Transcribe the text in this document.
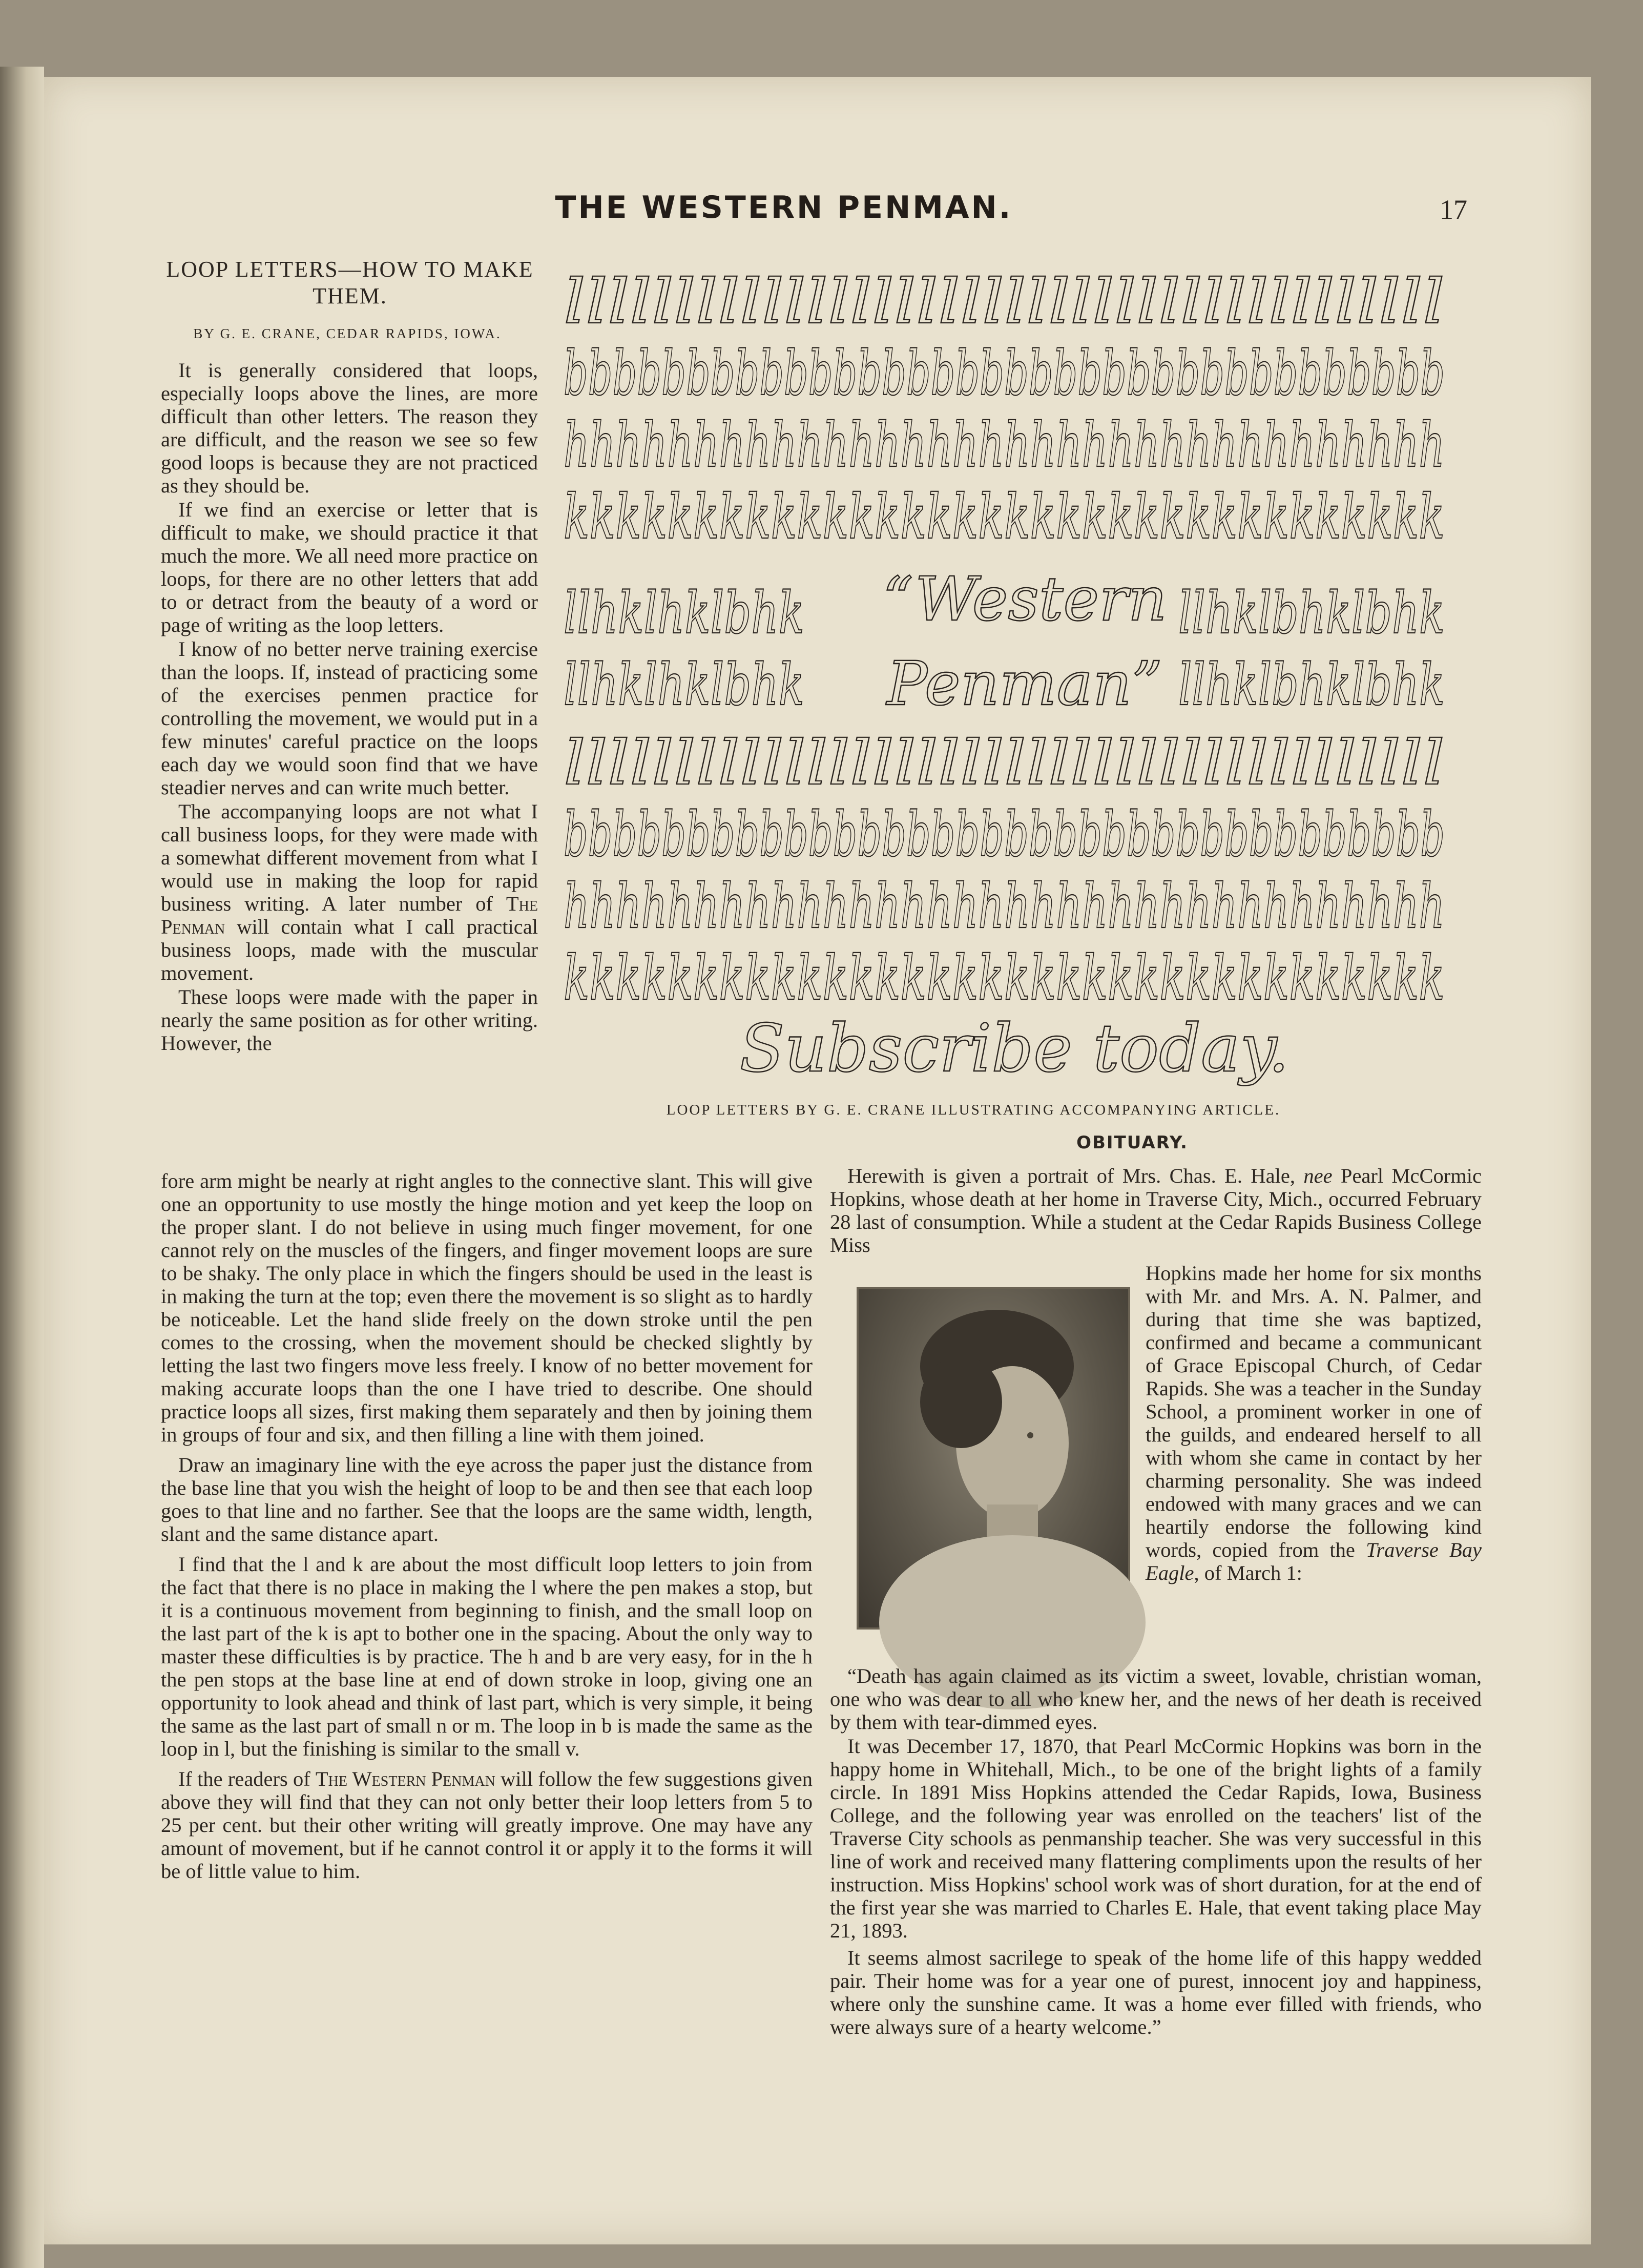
THE WESTERN PENMAN.	17
LOOP LETTERS—HOW TO MAKE THEM.
BY G. E. CRANE, CEDAR RAPIDS, IOWA.

It is generally considered that loops, especially loops above the lines, are more difficult than other letters. The reason they are difficult, and the reason we see so few good loops is because they are not practiced as they should be.

If we find an exercise or letter that is difficult to make, we should practice it that much the more. We all need more practice on loops, for there are no other letters that add to or detract from the beauty of a word or page of writing as the loop letters.

I know of no better nerve training exercise than the loops. If, instead of practicing some of the exercises penmen practice for controlling the movement, we would put in a few minutes' careful practice on the loops each day we would soon find that we have steadier nerves and can write much better.

The accompanying loops are not what I call business loops, for they were made with a somewhat different movement from what I would use in making the loop for rapid business writing. A later number of The Penman will contain what I call practical business loops, made with the muscular movement.

These loops were made with the paper in nearly the same position as for other writing. However, the

fore arm might be nearly at right angles to the connective slant. This will give one an opportunity to use mostly the hinge motion and yet keep the loop on the proper slant. I do not believe in using much finger movement, for one cannot rely on the muscles of the fingers, and finger movement loops are sure to be shaky. The only place in which the fingers should be used in the least is in making the turn at the top; even there the movement is so slight as to hardly be noticeable. Let the hand slide freely on the down stroke until the pen comes to the crossing, when the movement should be checked slightly by letting the last two fingers move less freely. I know of no better movement for making accurate loops than the one I have tried to describe. One should practice loops all sizes, first making them separately and then by joining them in groups of four and six, and then filling a line with them joined.

Draw an imaginary line with the eye across the paper just the distance from the base line that you wish the height of loop to be and then see that each loop goes to that line and no farther. See that the loops are the same width, length, slant and the same distance apart.

I find that the l and k are about the most difficult loop letters to join from the fact that there is no place in making the l where the pen makes a stop, but it is a continuous movement from beginning to finish, and the small loop on the last part of the k is apt to bother one in the spacing. About the only way to master these difficulties is by practice. The h and b are very easy, for in the h the pen stops at the base line at end of down stroke in loop, giving one an opportunity to look ahead and think of last part, which is very simple, it being the same as the last part of small n or m. The loop in b is made the same as the loop in l, but the finishing is similar to the small v.

If the readers of The Western Penman will follow the few suggestions given above they will find that they can not only better their loop letters from 5 to 25 per cent. but their other writing will greatly improve. One may have any amount of movement, but if he cannot control it or apply it to the forms it will be of little value to him.

llllllllllllllllllllllllllllllllllllllll
bbbbbbbbbbbbbbbbbbbbbbbbbbbbbbbbbbbb
hhhhhhhhhhhhhhhhhhhhhhhhhhhhhhhhhh
kkkkkkkkkkkkkkkkkkkkkkkkkkkkkkkkkk
llllllllllllllllllllllllllllllllllllllll
bbbbbbbbbbbbbbbbbbbbbbbbbbbbbbbbbbbb
hhhhhhhhhhhhhhhhhhhhhhhhhhhhhhhhhh
kkkkkkkkkkkkkkkkkkkkkkkkkkkkkkkkkk
“Western
Penman”
llhklhklbhk
llhklhklbhk
llhklbhklbhk
llhklbhklbhk
Subscribe today.
LOOP LETTERS BY G. E. CRANE ILLUSTRATING ACCOMPANYING ARTICLE.
OBITUARY.

Herewith is given a portrait of Mrs. Chas. E. Hale, nee Pearl McCormic Hopkins, whose death at her home in Traverse City, Mich., occurred February 28 last of consumption. While a student at the Cedar Rapids Business College Miss

Hopkins made her home for six months with Mr. and Mrs. A. N. Palmer, and during that time she was baptized, confirmed and became a communicant of Grace Episcopal Church, of Cedar Rapids. She was a teacher in the Sunday School, a prominent worker in one of the guilds, and endeared herself to all with whom she came in contact by her charming personality. She was indeed endowed with many graces and we can heartily endorse the following kind words, copied from the Traverse Bay Eagle, of March 1:

“Death has again claimed as its victim a sweet, lovable, christian woman, one who was dear to all who knew her, and the news of her death is received by them with tear-dimmed eyes.

It was December 17, 1870, that Pearl McCormic Hopkins was born in the happy home in Whitehall, Mich., to be one of the bright lights of a family circle. In 1891 Miss Hopkins attended the Cedar Rapids, Iowa, Business College, and the following year was enrolled on the teachers' list of the Traverse City schools as penmanship teacher. She was very successful in this line of work and received many flattering compliments upon the results of her instruction. Miss Hopkins' school work was of short duration, for at the end of the first year she was married to Charles E. Hale, that event taking place May 21, 1893.

It seems almost sacrilege to speak of the home life of this happy wedded pair. Their home was for a year one of purest, innocent joy and happiness, where only the sunshine came. It was a home ever filled with friends, who were always sure of a hearty welcome.”
